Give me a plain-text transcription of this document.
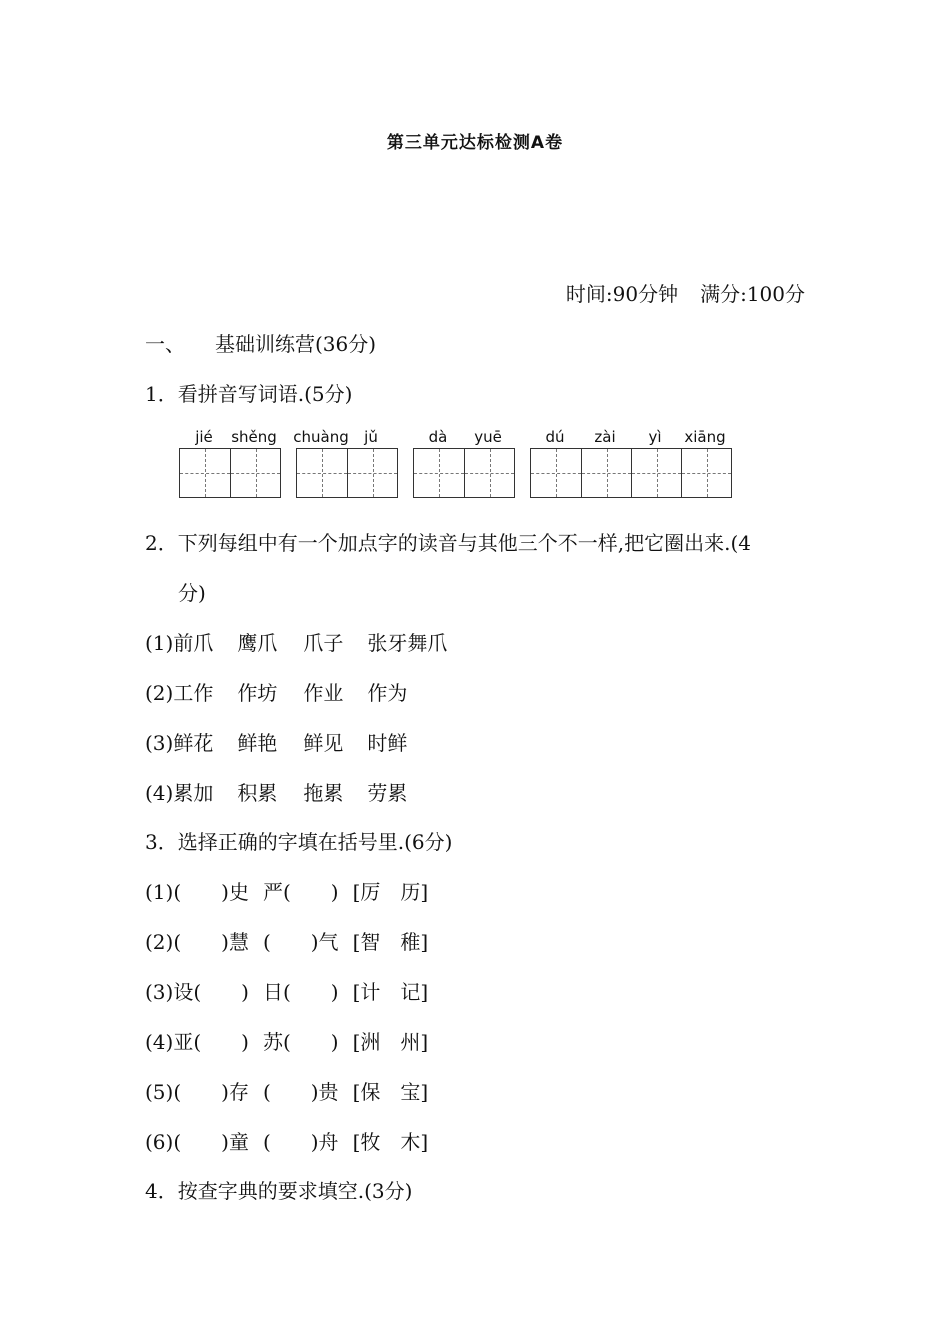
第三单元达标检测A卷
时间:90分钟 满分:100分
一、 基础训练营(36分)
1．看拼音写词语.(5分)
jié shěng chuàng jǔ	dà yuē	dú zài yì xiāng
2．下列每组中有一个加点字的读音与其他三个不一样,把它圈出来.(4
分)
(1)前爪 鹰爪 爪子 张牙舞爪
(2)工作 作坊 作业 作为
(3)鲜花 鲜艳 鲜见 时鲜
(4)累加 积累 拖累 劳累
3．选择正确的字填在括号里.(6分)
(1)(　　)史 严(　　) [厉　历]
(2)(　　)慧 (　　)气 [智　稚]
(3)设(　　) 日(　　) [计　记]
(4)亚(　　) 苏(　　) [洲　州]
(5)(　　)存 (　　)贵 [保　宝]
(6)(　　)童 (　　)舟 [牧　木]
4．按查字典的要求填空.(3分)
